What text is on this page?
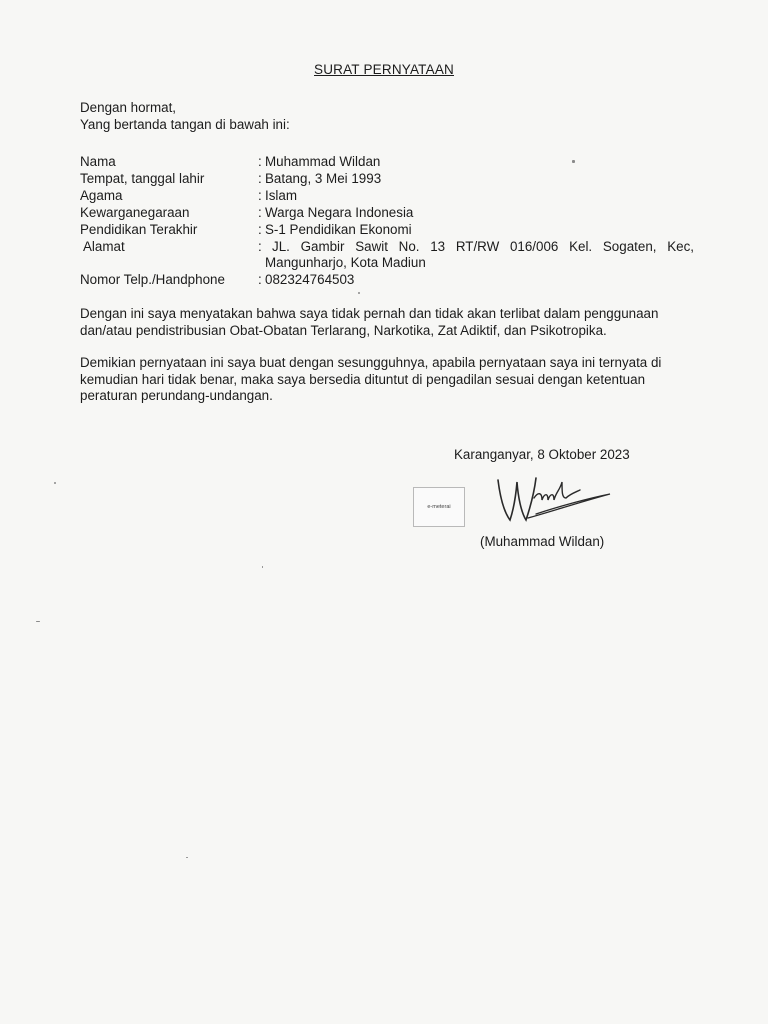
SURAT PERNYATAAN
Dengan hormat,
Yang bertanda tangan di bawah ini:
Nama	: Muhammad Wildan
Tempat, tanggal lahir	: Batang, 3 Mei 1993
Agama	: Islam
Kewarganegaraan	: Warga Negara Indonesia
Pendidikan Terakhir	: S-1 Pendidikan Ekonomi
Alamat	: JL. Gambir Sawit No. 13 RT/RW 016/006 Kel. Sogaten, Kec,
Mangunharjo, Kota Madiun
Nomor Telp./Handphone : 082324764503
Dengan ini saya menyatakan bahwa saya tidak pernah dan tidak akan terlibat dalam penggunaan
dan/atau pendistribusian Obat-Obatan Terlarang, Narkotika, Zat Adiktif, dan Psikotropika.
Demikian pernyataan ini saya buat dengan sesungguhnya, apabila pernyataan saya ini ternyata di
kemudian hari tidak benar, maka saya bersedia dituntut di pengadilan sesuai dengan ketentuan
peraturan perundang-undangan.
Karanganyar, 8 Oktober 2023
e-meterai
(Muhammad Wildan)
